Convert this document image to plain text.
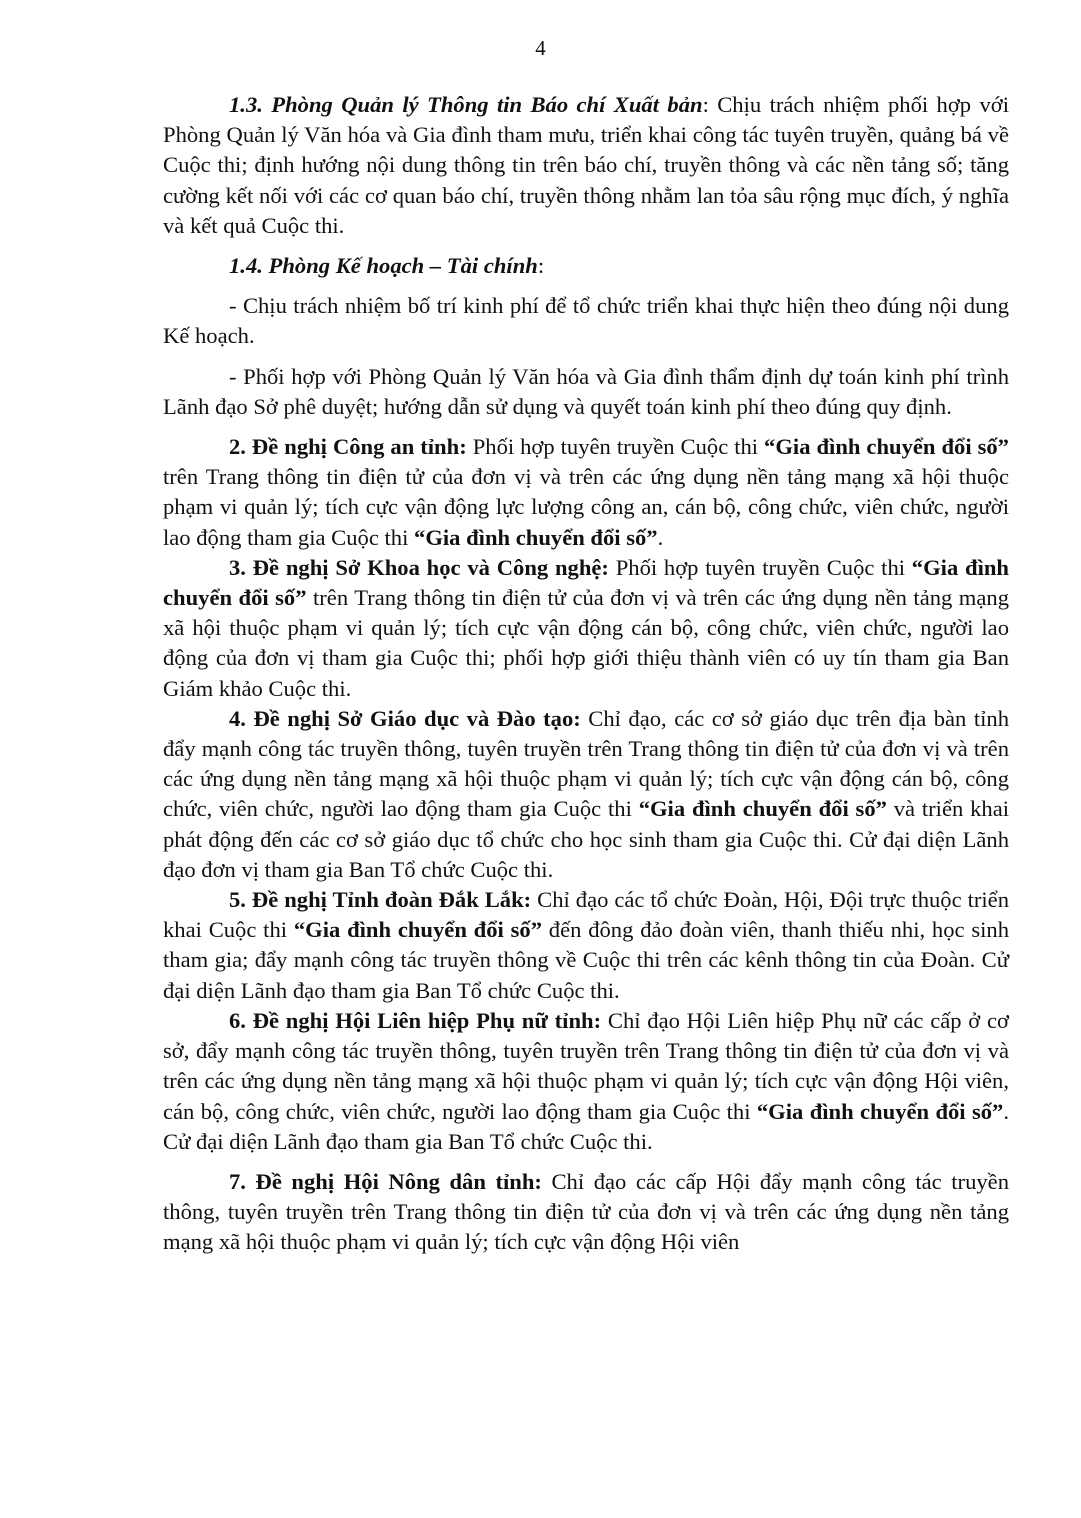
4

1.3. Phòng Quản lý Thông tin Báo chí Xuất bản: Chịu trách nhiệm phối hợp với Phòng Quản lý Văn hóa và Gia đình tham mưu, triển khai công tác tuyên truyền, quảng bá về Cuộc thi; định hướng nội dung thông tin trên báo chí, truyền thông và các nền tảng số; tăng cường kết nối với các cơ quan báo chí, truyền thông nhằm lan tỏa sâu rộng mục đích, ý nghĩa và kết quả Cuộc thi.

1.4. Phòng Kế hoạch – Tài chính:

- Chịu trách nhiệm bố trí kinh phí để tổ chức triển khai thực hiện theo đúng nội dung Kế hoạch.

- Phối hợp với Phòng Quản lý Văn hóa và Gia đình thẩm định dự toán kinh phí trình Lãnh đạo Sở phê duyệt; hướng dẫn sử dụng và quyết toán kinh phí theo đúng quy định.

2. Đề nghị Công an tỉnh: Phối hợp tuyên truyền Cuộc thi “Gia đình chuyển đổi số” trên Trang thông tin điện tử của đơn vị và trên các ứng dụng nền tảng mạng xã hội thuộc phạm vi quản lý; tích cực vận động lực lượng công an, cán bộ, công chức, viên chức, người lao động tham gia Cuộc thi “Gia đình chuyển đổi số”.

3. Đề nghị Sở Khoa học và Công nghệ: Phối hợp tuyên truyền Cuộc thi “Gia đình chuyển đổi số” trên Trang thông tin điện tử của đơn vị và trên các ứng dụng nền tảng mạng xã hội thuộc phạm vi quản lý; tích cực vận động cán bộ, công chức, viên chức, người lao động của đơn vị tham gia Cuộc thi; phối hợp giới thiệu thành viên có uy tín tham gia Ban Giám khảo Cuộc thi.

4. Đề nghị Sở Giáo dục và Đào tạo: Chỉ đạo, các cơ sở giáo dục trên địa bàn tỉnh đẩy mạnh công tác truyền thông, tuyên truyền trên Trang thông tin điện tử của đơn vị và trên các ứng dụng nền tảng mạng xã hội thuộc phạm vi quản lý; tích cực vận động cán bộ, công chức, viên chức, người lao động tham gia Cuộc thi “Gia đình chuyển đổi số” và triển khai phát động đến các cơ sở giáo dục tổ chức cho học sinh tham gia Cuộc thi. Cử đại diện Lãnh đạo đơn vị tham gia Ban Tổ chức Cuộc thi.

5. Đề nghị Tỉnh đoàn Đắk Lắk: Chỉ đạo các tổ chức Đoàn, Hội, Đội trực thuộc triển khai Cuộc thi “Gia đình chuyển đổi số” đến đông đảo đoàn viên, thanh thiếu nhi, học sinh tham gia; đẩy mạnh công tác truyền thông về Cuộc thi trên các kênh thông tin của Đoàn. Cử đại diện Lãnh đạo tham gia Ban Tổ chức Cuộc thi.

6. Đề nghị Hội Liên hiệp Phụ nữ tỉnh: Chỉ đạo Hội Liên hiệp Phụ nữ các cấp ở cơ sở, đẩy mạnh công tác truyền thông, tuyên truyền trên Trang thông tin điện tử của đơn vị và trên các ứng dụng nền tảng mạng xã hội thuộc phạm vi quản lý; tích cực vận động Hội viên, cán bộ, công chức, viên chức, người lao động tham gia Cuộc thi “Gia đình chuyển đổi số”. Cử đại diện Lãnh đạo tham gia Ban Tổ chức Cuộc thi.

7. Đề nghị Hội Nông dân tỉnh: Chỉ đạo các cấp Hội đẩy mạnh công tác truyền thông, tuyên truyền trên Trang thông tin điện tử của đơn vị và trên các ứng dụng nền tảng mạng xã hội thuộc phạm vi quản lý; tích cực vận động Hội viên
